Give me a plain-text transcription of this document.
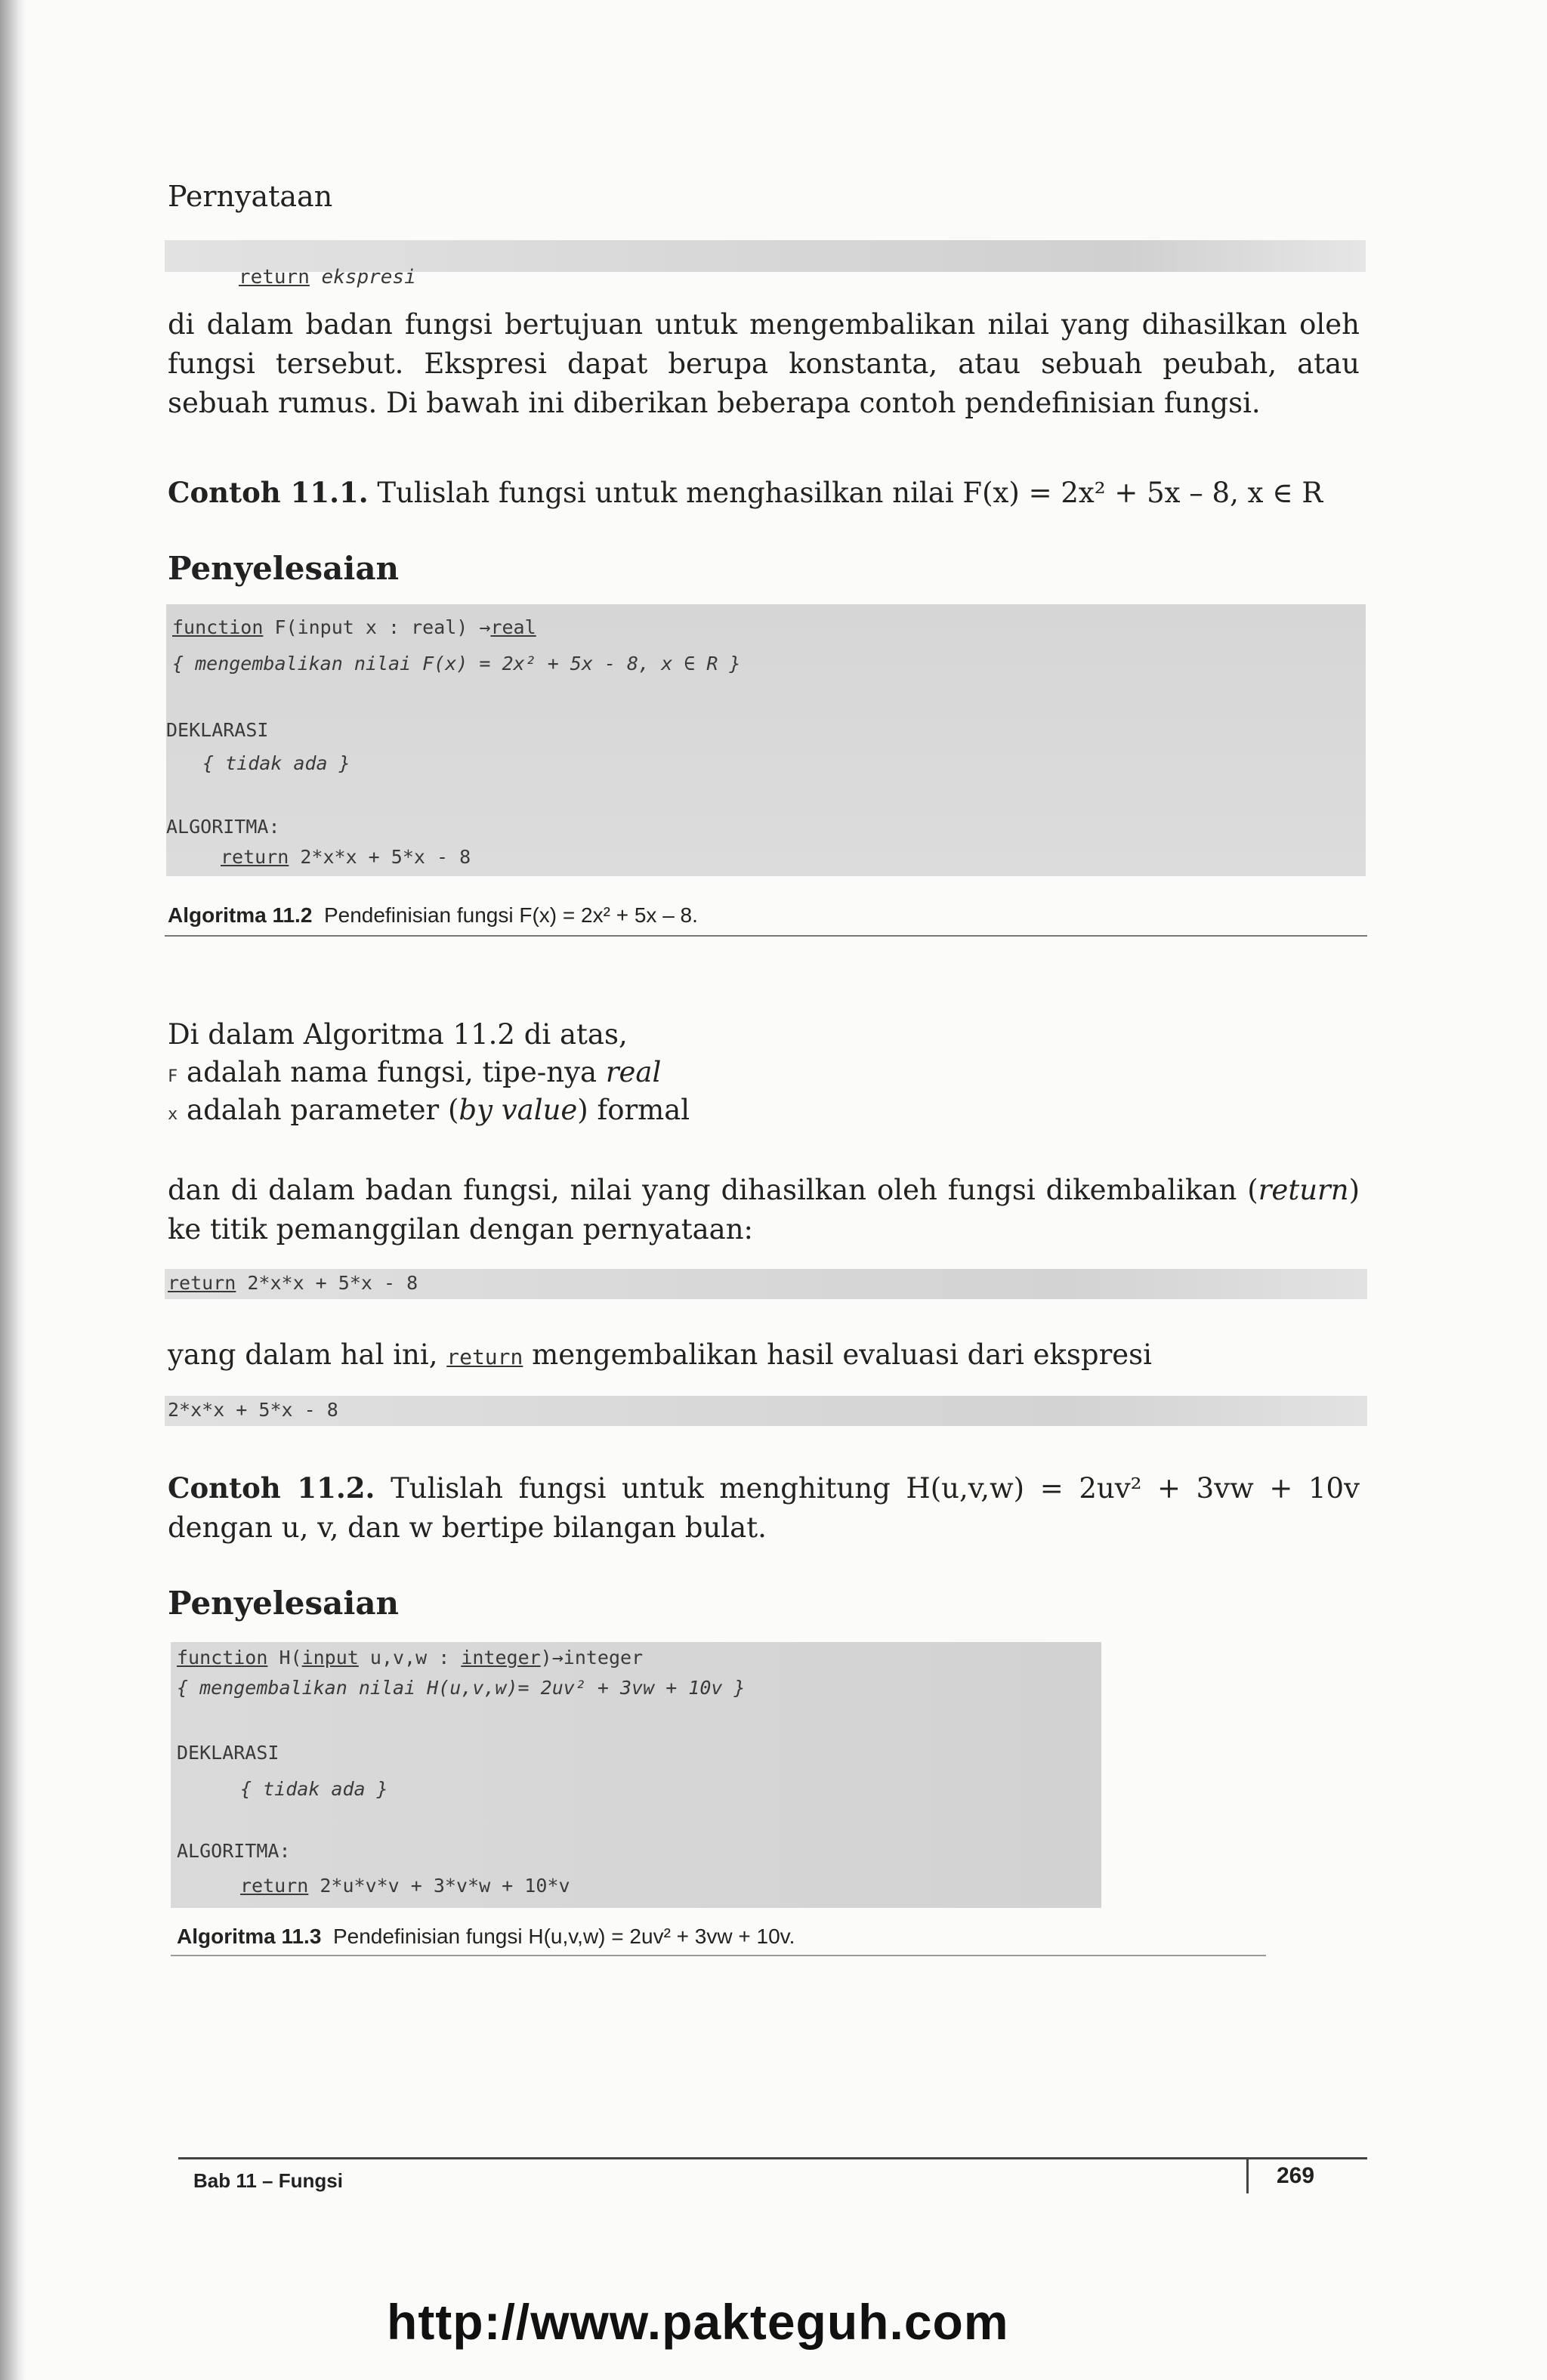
Pernyataan

return ekspresi

di dalam badan fungsi bertujuan untuk mengembalikan nilai yang dihasilkan oleh fungsi tersebut. Ekspresi dapat berupa konstanta, atau sebuah peubah, atau sebuah rumus. Di bawah ini diberikan beberapa contoh pendefinisian fungsi.
Contoh 11.1. Tulislah fungsi untuk menghasilkan nilai F(x) = 2x² + 5x – 8, x ∈ R
Penyelesaian
function F(input x : real) →real
{ mengembalikan nilai F(x) = 2x² + 5x - 8, x ∈ R }
DEKLARASI
{ tidak ada }
ALGORITMA:
return 2*x*x + 5*x - 8
Algoritma 11.2 Pendefinisian fungsi F(x) = 2x² + 5x – 8.
Di dalam Algoritma 11.2 di atas,
F adalah nama fungsi, tipe-nya real
x adalah parameter (by value) formal
dan di dalam badan fungsi, nilai yang dihasilkan oleh fungsi dikembalikan (return) ke titik pemanggilan dengan pernyataan:
return 2*x*x + 5*x - 8
yang dalam hal ini, return mengembalikan hasil evaluasi dari ekspresi
2*x*x + 5*x - 8
Contoh 11.2. Tulislah fungsi untuk menghitung H(u,v,w) = 2uv² + 3vw + 10v dengan u, v, dan w bertipe bilangan bulat.
Penyelesaian
function H(input u,v,w : integer)→integer
{ mengembalikan nilai H(u,v,w)= 2uv² + 3vw + 10v }
DEKLARASI
{ tidak ada }
ALGORITMA:
return 2*u*v*v + 3*v*w + 10*v
Algoritma 11.3 Pendefinisian fungsi H(u,v,w) = 2uv² + 3vw + 10v.
Bab 11 – Fungsi	269
http://www.pakteguh.com
